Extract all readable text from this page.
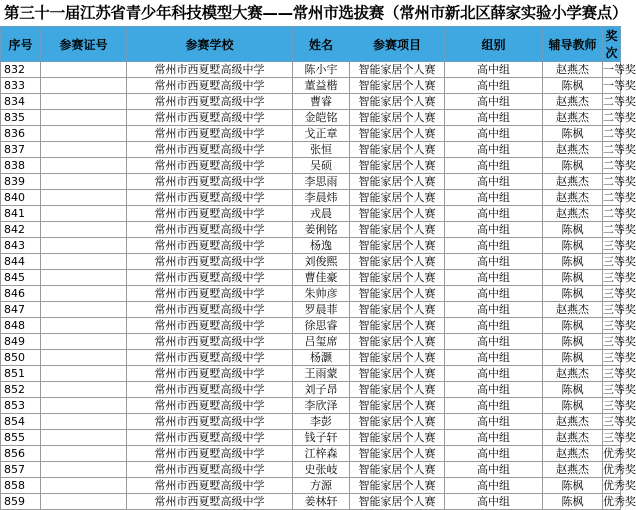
第三十一届江苏省青少年科技模型大赛——常州市选拔赛（常州市新北区薛家实验小学赛点）
序号	参赛证号	参赛学校	姓名	参赛项目	组别	辅导教师	奖次
832		常州市西夏墅高级中学	陈小宇	智能家居个人赛	高中组	赵燕杰	一等奖
833		常州市西夏墅高级中学	董益楷	智能家居个人赛	高中组	陈枫	一等奖
834		常州市西夏墅高级中学	曹睿	智能家居个人赛	高中组	赵燕杰	二等奖
835		常州市西夏墅高级中学	金皑铭	智能家居个人赛	高中组	赵燕杰	二等奖
836		常州市西夏墅高级中学	戈正章	智能家居个人赛	高中组	陈枫	二等奖
837		常州市西夏墅高级中学	张恒	智能家居个人赛	高中组	赵燕杰	二等奖
838		常州市西夏墅高级中学	吴硕	智能家居个人赛	高中组	陈枫	二等奖
839		常州市西夏墅高级中学	李思雨	智能家居个人赛	高中组	赵燕杰	二等奖
840		常州市西夏墅高级中学	李晨炜	智能家居个人赛	高中组	赵燕杰	二等奖
841		常州市西夏墅高级中学	戎晨	智能家居个人赛	高中组	赵燕杰	二等奖
842		常州市西夏墅高级中学	姜俐铭	智能家居个人赛	高中组	陈枫	二等奖
843		常州市西夏墅高级中学	杨逸	智能家居个人赛	高中组	陈枫	三等奖
844		常州市西夏墅高级中学	刘俊熙	智能家居个人赛	高中组	陈枫	三等奖
845		常州市西夏墅高级中学	曹佳豪	智能家居个人赛	高中组	陈枫	三等奖
846		常州市西夏墅高级中学	朱帅彦	智能家居个人赛	高中组	陈枫	三等奖
847		常州市西夏墅高级中学	罗晨菲	智能家居个人赛	高中组	赵燕杰	三等奖
848		常州市西夏墅高级中学	徐思睿	智能家居个人赛	高中组	陈枫	三等奖
849		常州市西夏墅高级中学	吕玺席	智能家居个人赛	高中组	陈枫	三等奖
850		常州市西夏墅高级中学	杨灏	智能家居个人赛	高中组	陈枫	三等奖
851		常州市西夏墅高级中学	王雨蒙	智能家居个人赛	高中组	赵燕杰	三等奖
852		常州市西夏墅高级中学	刘子昂	智能家居个人赛	高中组	陈枫	三等奖
853		常州市西夏墅高级中学	李欣泽	智能家居个人赛	高中组	陈枫	三等奖
854		常州市西夏墅高级中学	李彭	智能家居个人赛	高中组	赵燕杰	三等奖
855		常州市西夏墅高级中学	钱子轩	智能家居个人赛	高中组	赵燕杰	三等奖
856		常州市西夏墅高级中学	江梓森	智能家居个人赛	高中组	赵燕杰	优秀奖
857		常州市西夏墅高级中学	史张岐	智能家居个人赛	高中组	赵燕杰	优秀奖
858		常州市西夏墅高级中学	方源	智能家居个人赛	高中组	陈枫	优秀奖
859		常州市西夏墅高级中学	姜林轩	智能家居个人赛	高中组	陈枫	优秀奖
